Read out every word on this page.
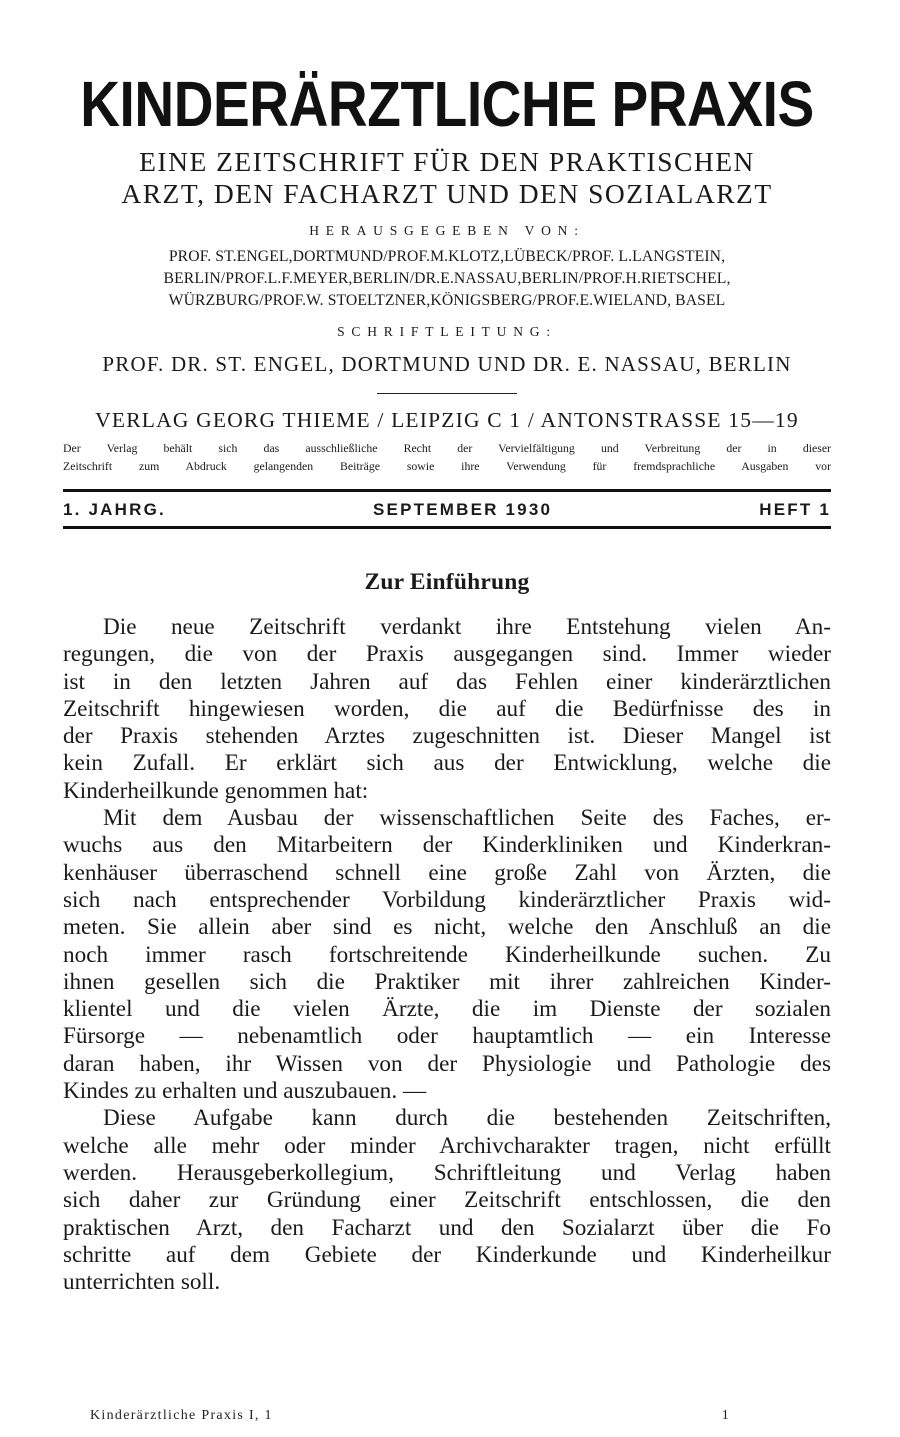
KINDERÄRZTLICHE PRAXIS
EINE ZEITSCHRIFT FÜR DEN PRAKTISCHEN
ARZT, DEN FACHARZT UND DEN SOZIALARZT
HERAUSGEGEBEN VON:
PROF. ST.ENGEL,DORTMUND/PROF.M.KLOTZ,LÜBECK/PROF. L.LANGSTEIN,
BERLIN/PROF.L.F.MEYER,BERLIN/DR.E.NASSAU,BERLIN/PROF.H.RIETSCHEL,
WÜRZBURG/PROF.W. STOELTZNER,KÖNIGSBERG/PROF.E.WIELAND, BASEL
SCHRIFTLEITUNG:
PROF. DR. ST. ENGEL, DORTMUND UND DR. E. NASSAU, BERLIN
VERLAG GEORG THIEME / LEIPZIG C 1 / ANTONSTRASSE 15—19
Der Verlag behält sich das ausschließliche Recht der Vervielfältigung und Verbreitung der in dieser
Zeitschrift zum Abdruck gelangenden Beiträge sowie ihre Verwendung für fremdsprachliche Ausgaben vor
1. JAHRG.	SEPTEMBER 1930	HEFT 1
Zur Einführung
Die neue Zeitschrift verdankt ihre Entstehung vielen An-
regungen, die von der Praxis ausgegangen sind. Immer wieder
ist in den letzten Jahren auf das Fehlen einer kinderärztlichen
Zeitschrift hingewiesen worden, die auf die Bedürfnisse des in
der Praxis stehenden Arztes zugeschnitten ist. Dieser Mangel ist
kein Zufall. Er erklärt sich aus der Entwicklung, welche die
Kinderheilkunde genommen hat:
Mit dem Ausbau der wissenschaftlichen Seite des Faches, er-
wuchs aus den Mitarbeitern der Kinderkliniken und Kinderkran-
kenhäuser überraschend schnell eine große Zahl von Ärzten, die
sich nach entsprechender Vorbildung kinderärztlicher Praxis wid-
meten. Sie allein aber sind es nicht, welche den Anschluß an die
noch immer rasch fortschreitende Kinderheilkunde suchen. Zu
ihnen gesellen sich die Praktiker mit ihrer zahlreichen Kinder-
klientel und die vielen Ärzte, die im Dienste der sozialen
Fürsorge — nebenamtlich oder hauptamtlich — ein Interesse
daran haben, ihr Wissen von der Physiologie und Pathologie des
Kindes zu erhalten und auszubauen. —
Diese Aufgabe kann durch die bestehenden Zeitschriften,
welche alle mehr oder minder Archivcharakter tragen, nicht erfüllt
werden. Herausgeberkollegium, Schriftleitung und Verlag haben
sich daher zur Gründung einer Zeitschrift entschlossen, die den
praktischen Arzt, den Facharzt und den Sozialarzt über die Fo
schritte auf dem Gebiete der Kinderkunde und Kinderheilkur
unterrichten soll.
Kinderärztliche Praxis I, 1	1
